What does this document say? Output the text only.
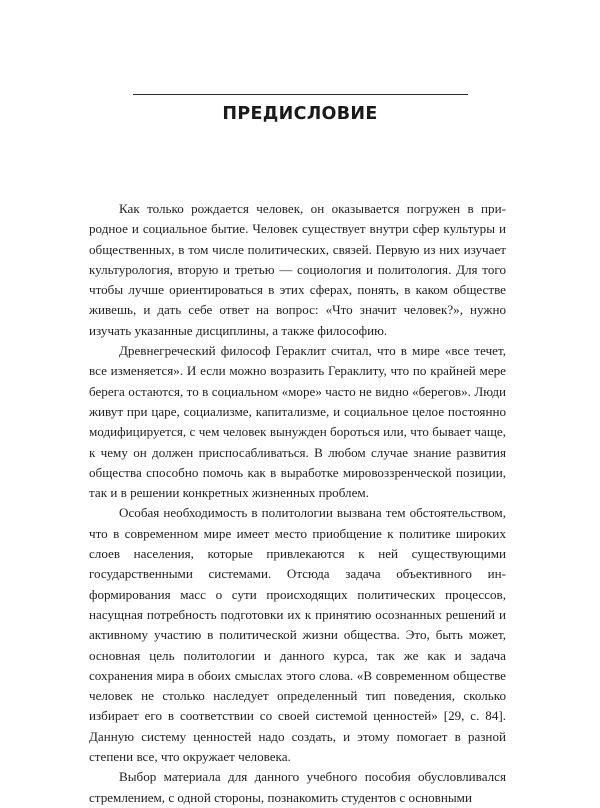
ПРЕДИСЛОВИЕ

Как только рождается человек, он оказывается погружен в природное и социальное бытие. Человек существует внутри сфер культуры и общественных, в том числе политических, связей. Первую из них изучает культурология, вторую и третью — социология и политология. Для того чтобы лучше ориентироваться в этих сферах, понять, в каком обществе живешь, и дать себе ответ на вопрос: «Что значит человек?», нужно изучать указанные дисциплины, а также философию.

Древнегреческий философ Гераклит считал, что в мире «все течет, все изменяется». И если можно возразить Гераклиту, что по крайней мере берега остаются, то в социальном «море» часто не видно «берегов». Люди живут при царе, социализме, капитализме, и социальное целое постоянно модифицируется, с чем человек вынужден бороться или, что бывает чаще, к чему он должен приспосабливаться. В любом случае знание развития общества способно помочь как в выработке мировоззренческой позиции, так и в решении конкретных жизненных проблем.

Особая необходимость в политологии вызвана тем обстоятельством, что в современном мире имеет место приобщение к политике широких слоев населения, которые привлекаются к ней существующими государственными системами. Отсюда задача объективного информирования масс о сути происходящих политических процессов, насущная потребность подготовки их к принятию осознанных решений и активному участию в политической жизни общества. Это, быть может, основная цель политологии и данного курса, так же как и задача сохранения мира в обоих смыслах этого слова. «В современном обществе человек не столько наследует определенный тип поведения, сколько избирает его в соответствии со своей системой ценностей» [29, с. 84]. Данную систему ценностей надо создать, и этому помогает в разной степени все, что окружает человека.

Выбор материала для данного учебного пособия обусловливался стремлением, с одной стороны, познакомить студентов с основными
